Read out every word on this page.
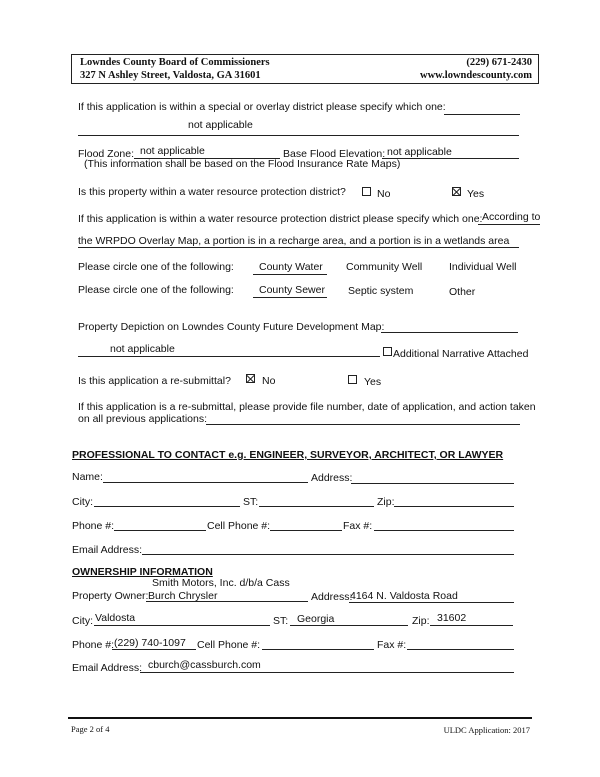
Lowndes County Board of Commissioners
327 N Ashley Street, Valdosta, GA 31601
(229) 671-2430
www.lowndescounty.com
If this application is within a special or overlay district please specify which one:
not applicable
Flood Zone: not applicable	Base Flood Elevation: not applicable
(This information shall be based on the Flood Insurance Rate Maps)
Is this property within a water resource protection district?	No	Yes
If this application is within a water resource protection district please specify which one: According to
the WRPDO Overlay Map, a portion is in a recharge area, and a portion is in a wetlands area
Please circle one of the following: County Water Community Well	Individual Well
Please circle one of the following: County Sewer Septic system	Other
Property Depiction on Lowndes County Future Development Map:
not applicable	Additional Narrative Attached
Is this application a re-submittal?	No	Yes
If this application is a re-submittal, please provide file number, date of application, and action taken
on all previous applications:
PROFESSIONAL TO CONTACT e.g. ENGINEER, SURVEYOR, ARCHITECT, OR LAWYER
Name:	Address:
City:	ST:	Zip:
Phone #:	Cell Phone #:	Fax #:
Email Address:
OWNERSHIP INFORMATION
Smith Motors, Inc. d/b/a Cass
Property Owner: Burch Chrysler	Address:
4164 N. Valdosta Road
City: Valdosta	ST: Georgia	Zip: 31602
Phone #: (229) 740-1097 Cell Phone #:	Fax #:
Email Address: cburch@cassburch.com
Page 2 of 4	ULDC Application: 2017
